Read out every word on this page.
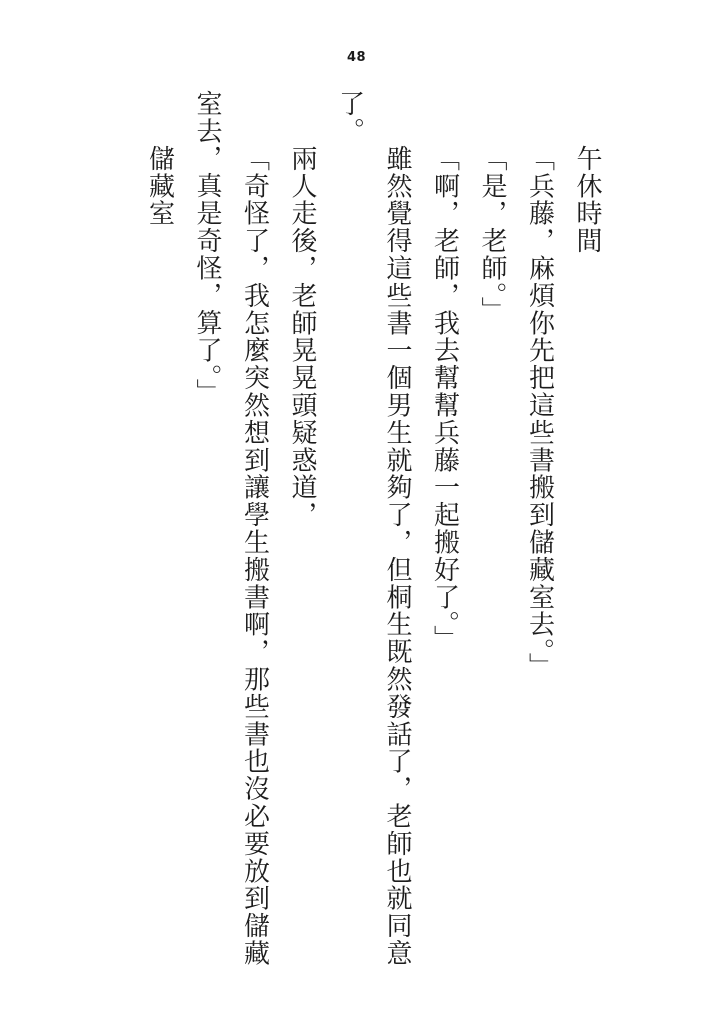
48

午休時間

「兵藤，麻煩你先把這些書搬到儲藏室去。」

「是，老師。」

「啊，老師，我去幫幫兵藤一起搬好了。」

雖然覺得這些書一個男生就夠了，但桐生既然發話了，老師也就同意了。

兩人走後，老師晃晃頭疑惑道，

「奇怪了，我怎麼突然想到讓學生搬書啊，那些書也沒必要放到儲藏室去，真是奇怪，算了。」

儲藏室
